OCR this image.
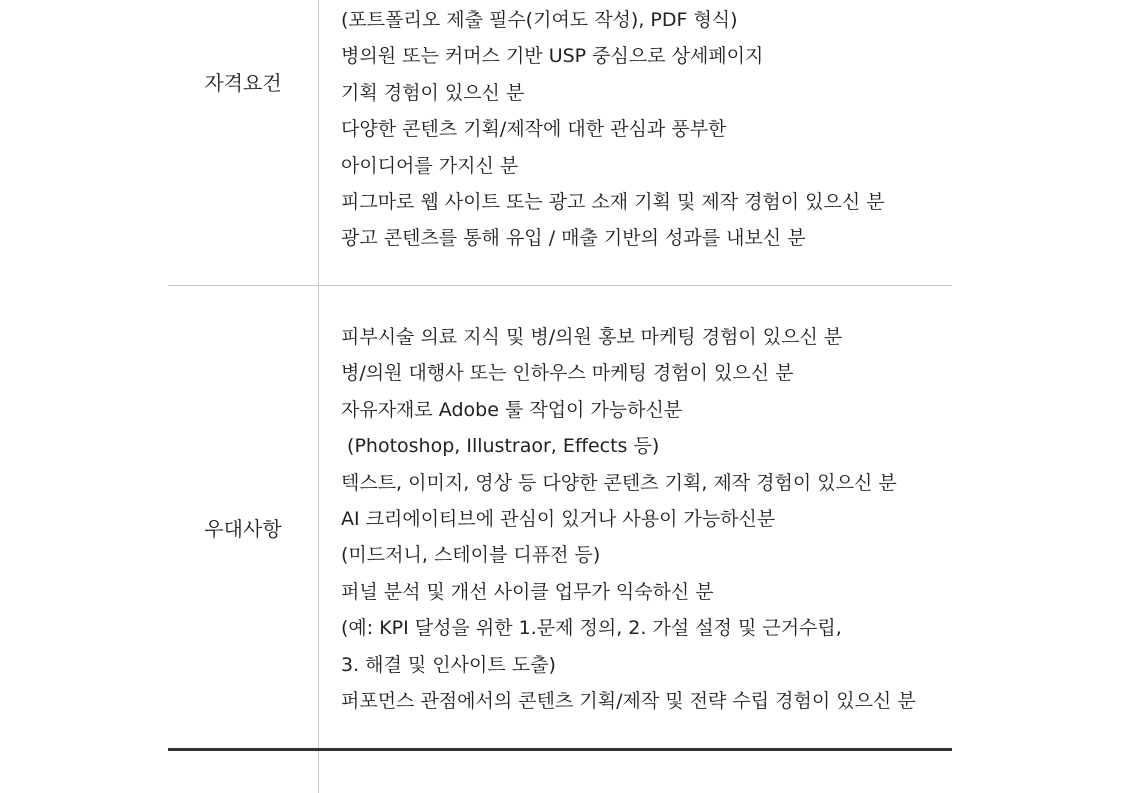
자격요건
(포트폴리오 제출 필수(기여도 작성), PDF 형식)
병의원 또는 커머스 기반 USP 중심으로 상세페이지
기획 경험이 있으신 분
다양한 콘텐츠 기획/제작에 대한 관심과 풍부한
아이디어를 가지신 분
피그마로 웹 사이트 또는 광고 소재 기획 및 제작 경험이 있으신 분
광고 콘텐츠를 통해 유입 / 매출 기반의 성과를 내보신 분
우대사항
피부시술 의료 지식 및 병/의원 홍보 마케팅 경험이 있으신 분
병/의원 대행사 또는 인하우스 마케팅 경험이 있으신 분
자유자재로 Adobe 툴 작업이 가능하신분
(Photoshop, Illustraor, Effects 등)
텍스트, 이미지, 영상 등 다양한 콘텐츠 기획, 제작 경험이 있으신 분
AI 크리에이티브에 관심이 있거나 사용이 가능하신분
(미드저니, 스테이블 디퓨전 등)
퍼널 분석 및 개선 사이클 업무가 익숙하신 분
(예: KPI 달성을 위한 1.문제 정의, 2. 가설 설정 및 근거수립,
3. 해결 및 인사이트 도출)
퍼포먼스 관점에서의 콘텐츠 기획/제작 및 전략 수립 경험이 있으신 분
